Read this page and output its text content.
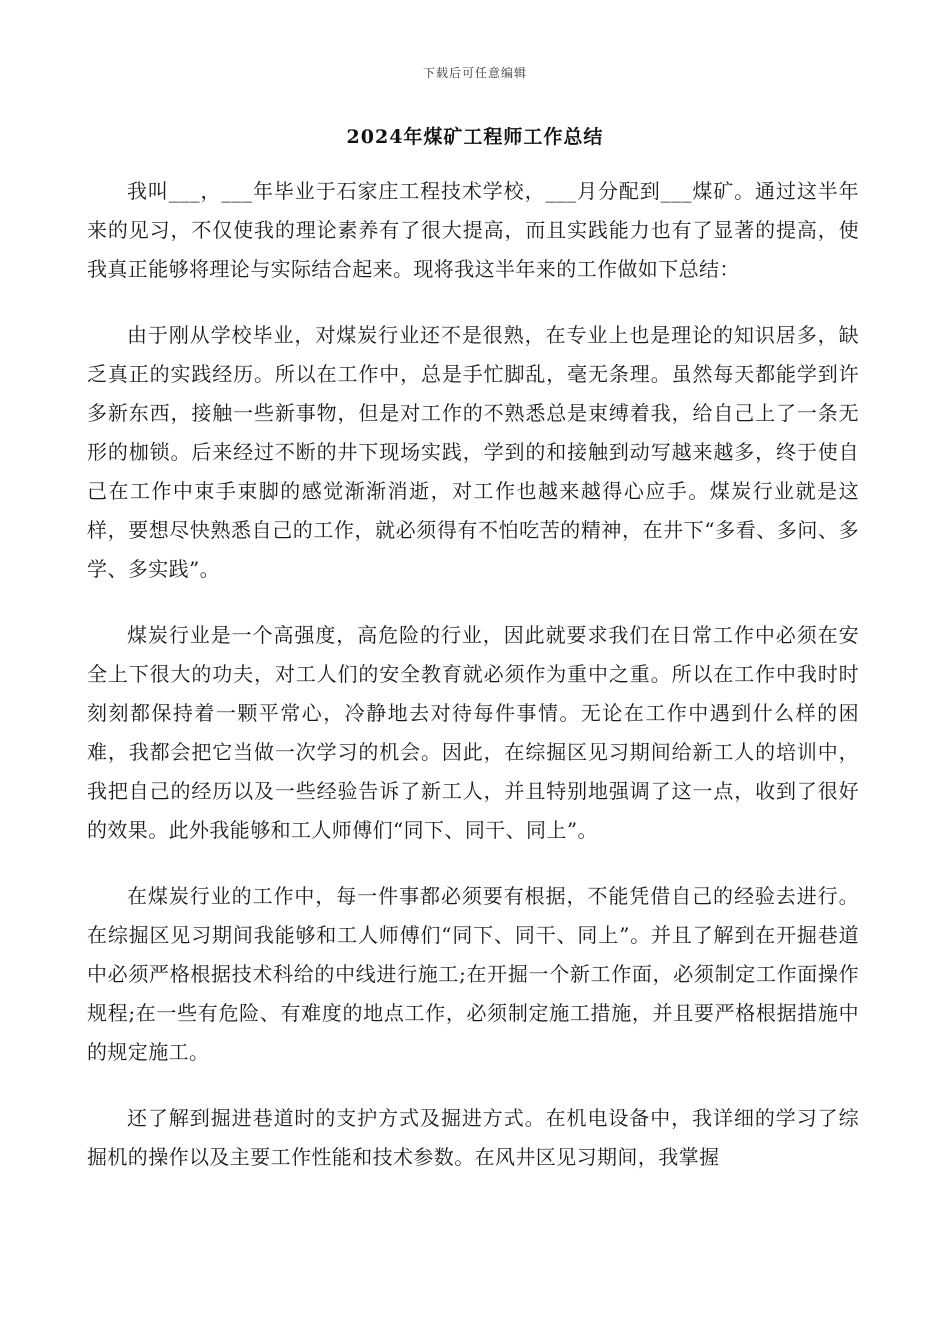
下载后可任意编辑
2024年煤矿工程师工作总结

我叫___，___年毕业于石家庄工程技术学校，___月分配到___煤矿。通过这半年来的见习，不仅使我的理论素养有了很大提高，而且实践能力也有了显著的提高，使我真正能够将理论与实际结合起来。现将我这半年来的工作做如下总结：

由于刚从学校毕业，对煤炭行业还不是很熟，在专业上也是理论的知识居多，缺乏真正的实践经历。所以在工作中，总是手忙脚乱，毫无条理。虽然每天都能学到许多新东西，接触一些新事物，但是对工作的不熟悉总是束缚着我，给自己上了一条无形的枷锁。后来经过不断的井下现场实践，学到的和接触到动写越来越多，终于使自己在工作中束手束脚的感觉渐渐消逝，对工作也越来越得心应手。煤炭行业就是这样，要想尽快熟悉自己的工作，就必须得有不怕吃苦的精神，在井下“多看、多问、多学、多实践”。

煤炭行业是一个高强度，高危险的行业，因此就要求我们在日常工作中必须在安全上下很大的功夫，对工人们的安全教育就必须作为重中之重。所以在工作中我时时刻刻都保持着一颗平常心，冷静地去对待每件事情。无论在工作中遇到什么样的困难，我都会把它当做一次学习的机会。因此，在综掘区见习期间给新工人的培训中，我把自己的经历以及一些经验告诉了新工人，并且特别地强调了这一点，收到了很好的效果。此外我能够和工人师傅们“同下、同干、同上”。

在煤炭行业的工作中，每一件事都必须要有根据，不能凭借自己的经验去进行。在综掘区见习期间我能够和工人师傅们“同下、同干、同上”。并且了解到在开掘巷道中必须严格根据技术科给的中线进行施工;在开掘一个新工作面，必须制定工作面操作规程;在一些有危险、有难度的地点工作，必须制定施工措施，并且要严格根据措施中的规定施工。

还了解到掘进巷道时的支护方式及掘进方式。在机电设备中，我详细的学习了综掘机的操作以及主要工作性能和技术参数。在风井区见习期间，我掌握
